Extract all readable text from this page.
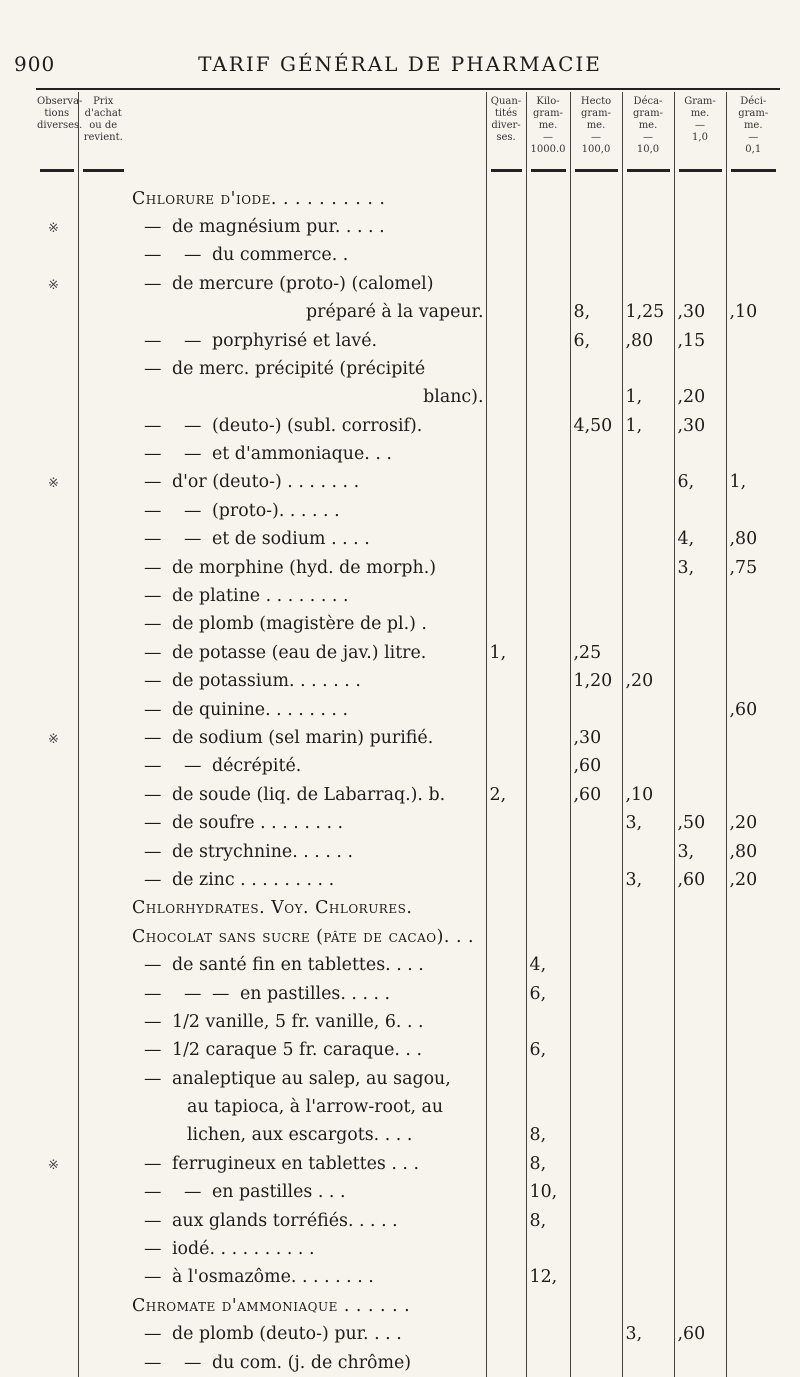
900	TARIF GÉNÉRAL DE PHARMACIE
Observa-
tions
diverses.	Prix
d'achat
ou de
revient.		Quan-
tités
diver-
ses.	Kilo-
gram-
me.
—
1000.0	Hecto
gram-
me.
—
100,0	Déca-
gram-
me.
—
10,0	Gram-
me.
—
1,0	Déci-
gram-
me.
—
0,1

		Chlorure d'iode. . . . . . . . . .						
※		— de magnésium pur. . . . .						
		— — du commerce. .						
※		— de mercure (proto-) (calomel)						

		préparé à la vapeur.			8,	1,25	,30	,10
		— — porphyrisé et lavé.			6,	,80	,15	
		— de merc. précipité (précipité						

		blanc).				1,	,20	
		— — (deuto-) (subl. corrosif).			4,50	1,	,30	
		— — et d'ammoniaque. . .						
※		— d'or (deuto-) . . . . . . .					6,	1,
		— — (proto-). . . . . .						
		— — et de sodium . . . .					4,	,80
		— de morphine (hyd. de morph.)					3,	,75
		— de platine . . . . . . . .						
		— de plomb (magistère de pl.) .						
		— de potasse (eau de jav.) litre.	1,		,25			
		— de potassium. . . . . . .			1,20	,20		
		— de quinine. . . . . . . .						,60
※		— de sodium (sel marin) purifié.			,30			
		— — décrépité.			,60			
		— de soude (liq. de Labarraq.). b.	2,		,60	,10		
		— de soufre . . . . . . . .				3,	,50	,20
		— de strychnine. . . . . .					3,	,80
		— de zinc . . . . . . . . .				3,	,60	,20
		Chlorhydrates. Voy. Chlorures.						
		Chocolat sans sucre (pâte de cacao). . .						
		— de santé fin en tablettes. . . .		4,				
		— — — en pastilles. . . . .		6,				
		— 1/2 vanille, 5 fr. vanille, 6. . .						
		— 1/2 caraque 5 fr. caraque. . .		6,				
		— analeptique au salep, au sagou,						
		au tapioca, à l'arrow-root, au						
		lichen, aux escargots. . . .		8,				
※		— ferrugineux en tablettes . . .		8,				
		— — en pastilles . . .		10,				
		— aux glands torréfiés. . . . .		8,				
		— iodé. . . . . . . . . .						
		— à l'osmazôme. . . . . . . .		12,				
		Chromate d'ammoniaque . . . . . .						
		— de plomb (deuto-) pur. . . .				3,	,60	
		— — du com. (j. de chrôme)						
